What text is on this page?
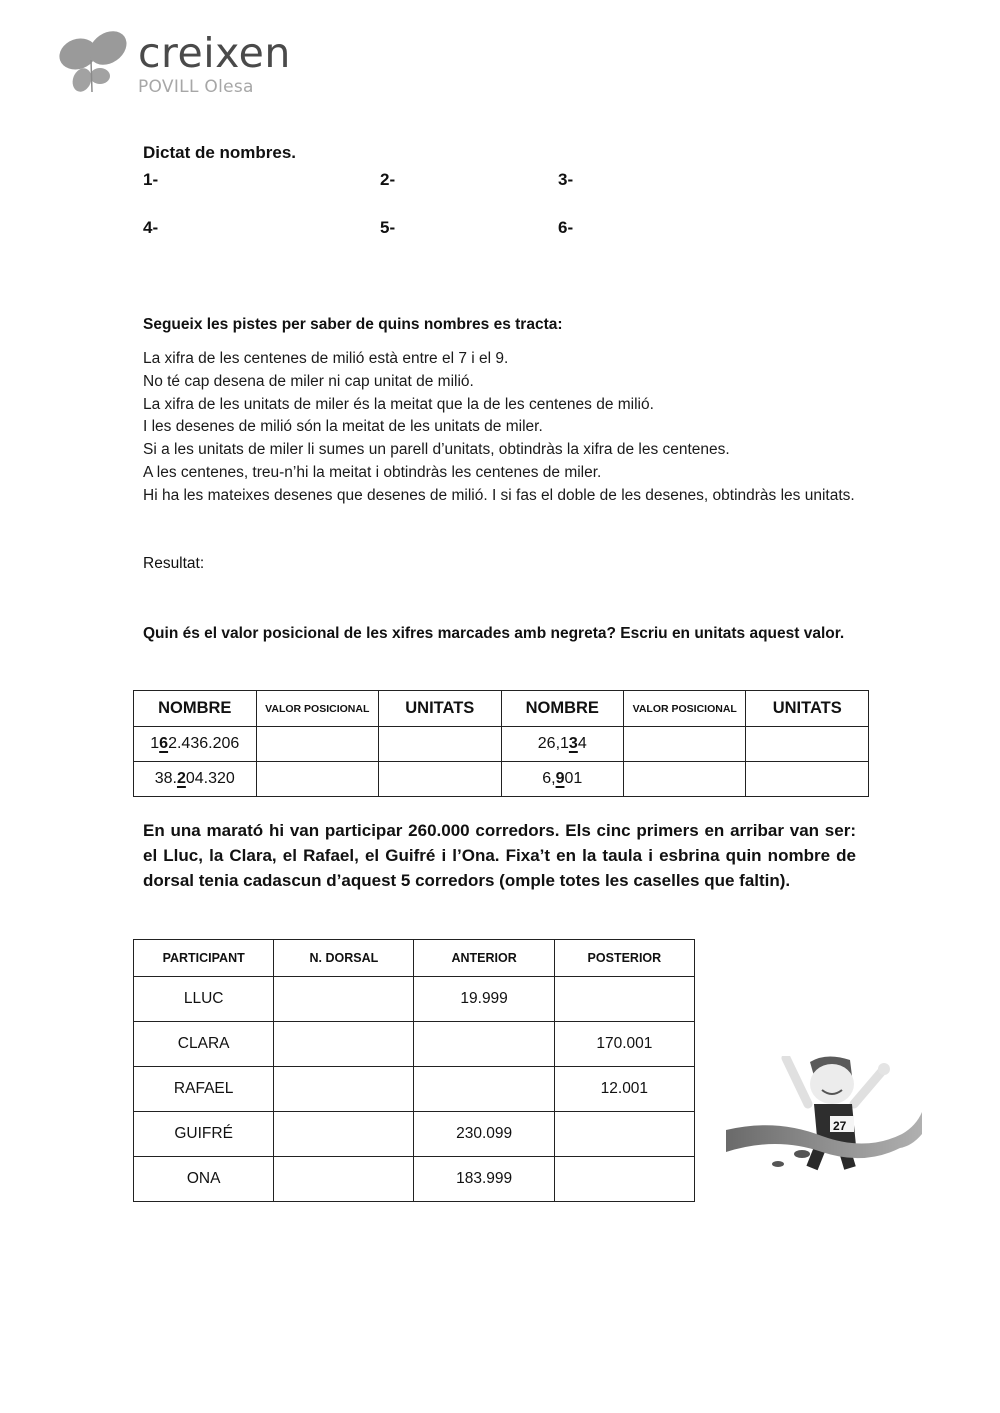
creixen
POVILL Olesa
Dictat de nombres.
1-	2-	3-
4-	5-	6-
Segueix les pistes per saber de quins nombres es tracta:

La xifra de les centenes de milió està entre el 7 i el 9.

No té cap desena de miler ni cap unitat de milió.

La xifra de les unitats de miler és la meitat que la de les centenes de milió.

I les desenes de milió són la meitat de les unitats de miler.

Si a les unitats de miler li sumes un parell d’unitats, obtindràs la xifra de les centenes.

A les centenes, treu-n’hi la meitat i obtindràs les centenes de miler.

Hi ha les mateixes desenes que desenes de milió. I si fas el doble de les desenes, obtindràs les unitats.

Resultat:
Quin és el valor posicional de les xifres marcades amb negreta? Escriu en unitats aquest valor.
NOMBRE	VALOR POSICIONAL	UNITATS	NOMBRE	VALOR POSICIONAL	UNITATS
162.436.206			26,134		
38.204.320			6,901		
En una marató hi van participar 260.000 corredors. Els cinc primers en arribar van ser: el Lluc, la Clara, el Rafael, el Guifré i l’Ona. Fixa’t en la taula i esbrina quin nombre de dorsal tenia cadascun d’aquest 5 corredors (omple totes les caselles que faltin).
PARTICIPANT	N. DORSAL	ANTERIOR	POSTERIOR
LLUC		19.999	
CLARA			170.001
RAFAEL			12.001
GUIFRÉ		230.099	
ONA		183.999	
27
